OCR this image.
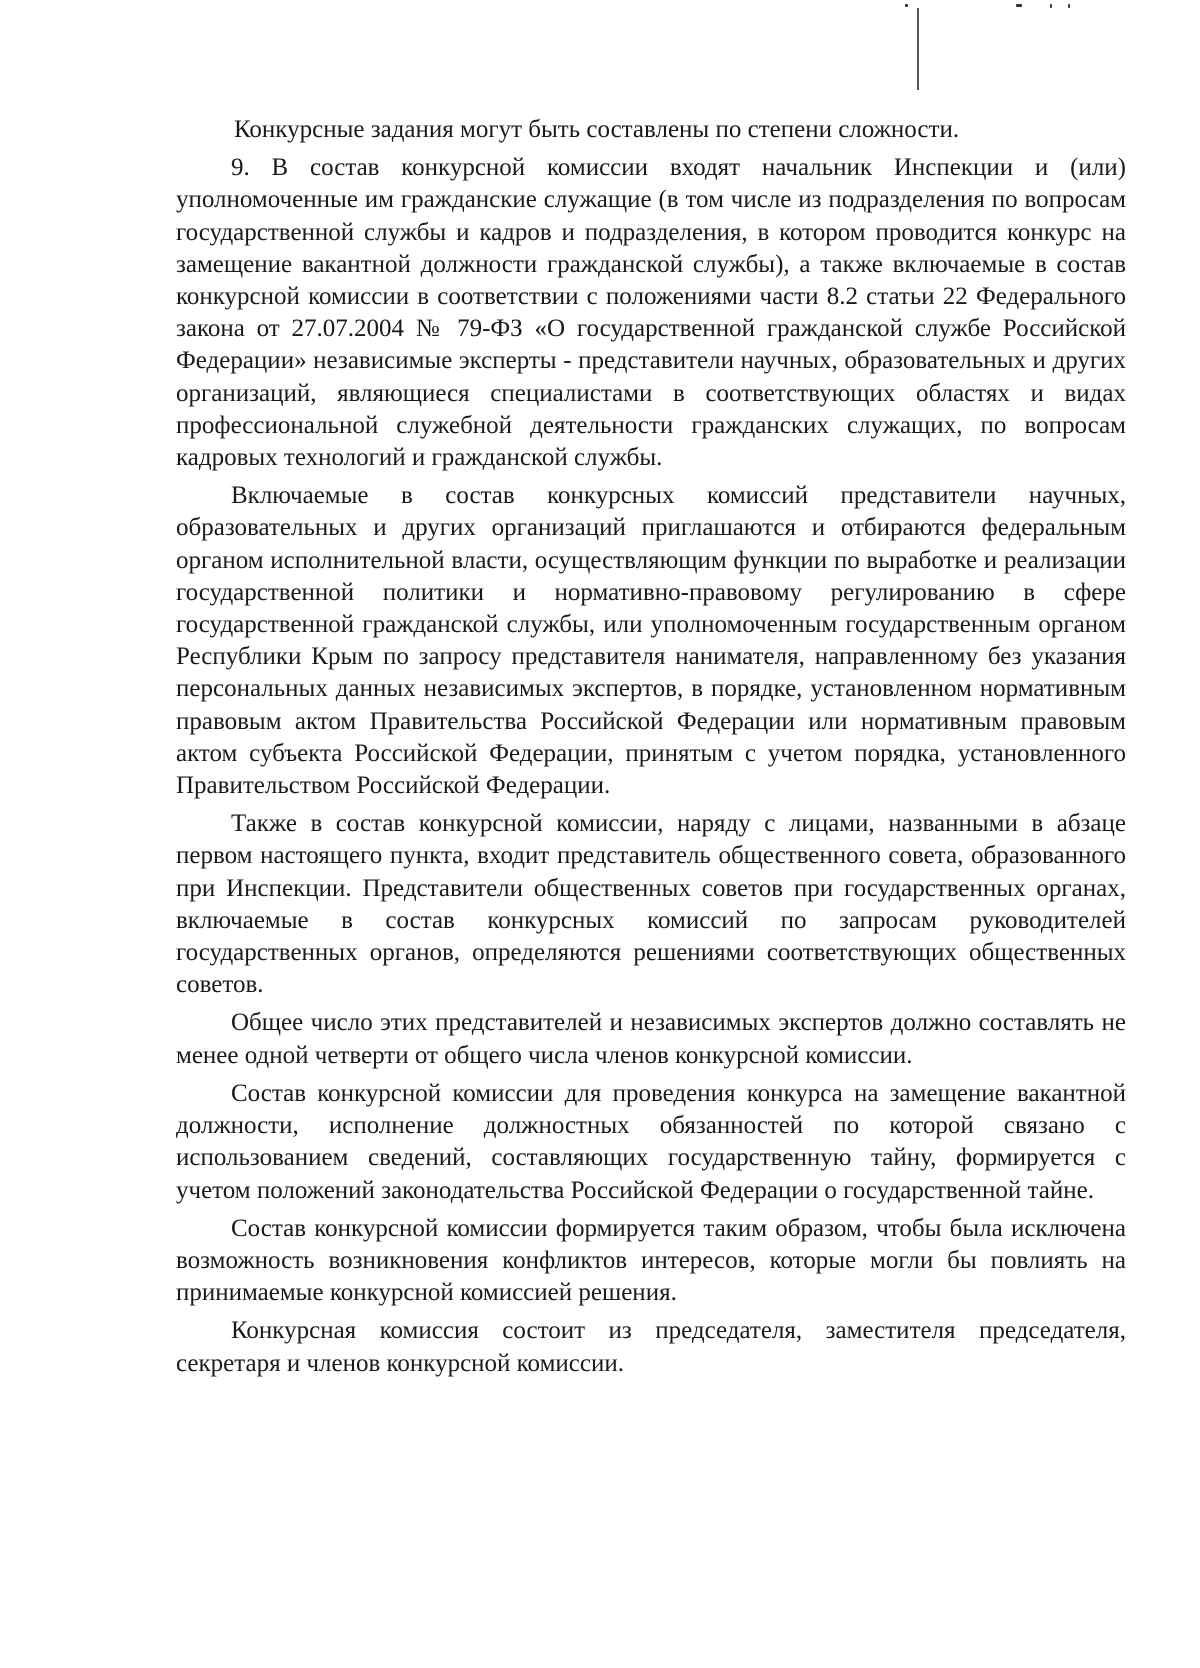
Конкурсные задания могут быть составлены по степени сложности.

9. В состав конкурсной комиссии входят начальник Инспекции и (или) уполномоченные им гражданские служащие (в том числе из подразделения по вопросам государственной службы и кадров и подразделения, в котором проводится конкурс на замещение вакантной должности гражданской службы), а также включаемые в состав конкурсной комиссии в соответствии с положениями части 8.2 статьи 22 Федерального закона от 27.07.2004 № 79-ФЗ «О государственной гражданской службе Российской Федерации» независимые эксперты - представители научных, образовательных и других организаций, являющиеся специалистами в соответствующих областях и видах профессиональной служебной деятельности гражданских служащих, по вопросам кадровых технологий и гражданской службы.

Включаемые в состав конкурсных комиссий представители научных, образовательных и других организаций приглашаются и отбираются федеральным органом исполнительной власти, осуществляющим функции по выработке и реализации государственной политики и нормативно-правовому регулированию в сфере государственной гражданской службы, или уполномоченным государственным органом Республики Крым по запросу представителя нанимателя, направленному без указания персональных данных независимых экспертов, в порядке, установленном нормативным правовым актом Правительства Российской Федерации или нормативным правовым актом субъекта Российской Федерации, принятым с учетом порядка, установленного Правительством Российской Федерации.

Также в состав конкурсной комиссии, наряду с лицами, названными в абзаце первом настоящего пункта, входит представитель общественного совета, образованного при Инспекции. Представители общественных советов при государственных органах, включаемые в состав конкурсных комиссий по запросам руководителей государственных органов, определяются решениями соответствующих общественных советов.

Общее число этих представителей и независимых экспертов должно составлять не менее одной четверти от общего числа членов конкурсной комиссии.

Состав конкурсной комиссии для проведения конкурса на замещение вакантной должности, исполнение должностных обязанностей по которой связано с использованием сведений, составляющих государственную тайну, формируется с учетом положений законодательства Российской Федерации о государственной тайне.

Состав конкурсной комиссии формируется таким образом, чтобы была исключена возможность возникновения конфликтов интересов, которые могли бы повлиять на принимаемые конкурсной комиссией решения.

Конкурсная комиссия состоит из председателя, заместителя председателя, секретаря и членов конкурсной комиссии.
